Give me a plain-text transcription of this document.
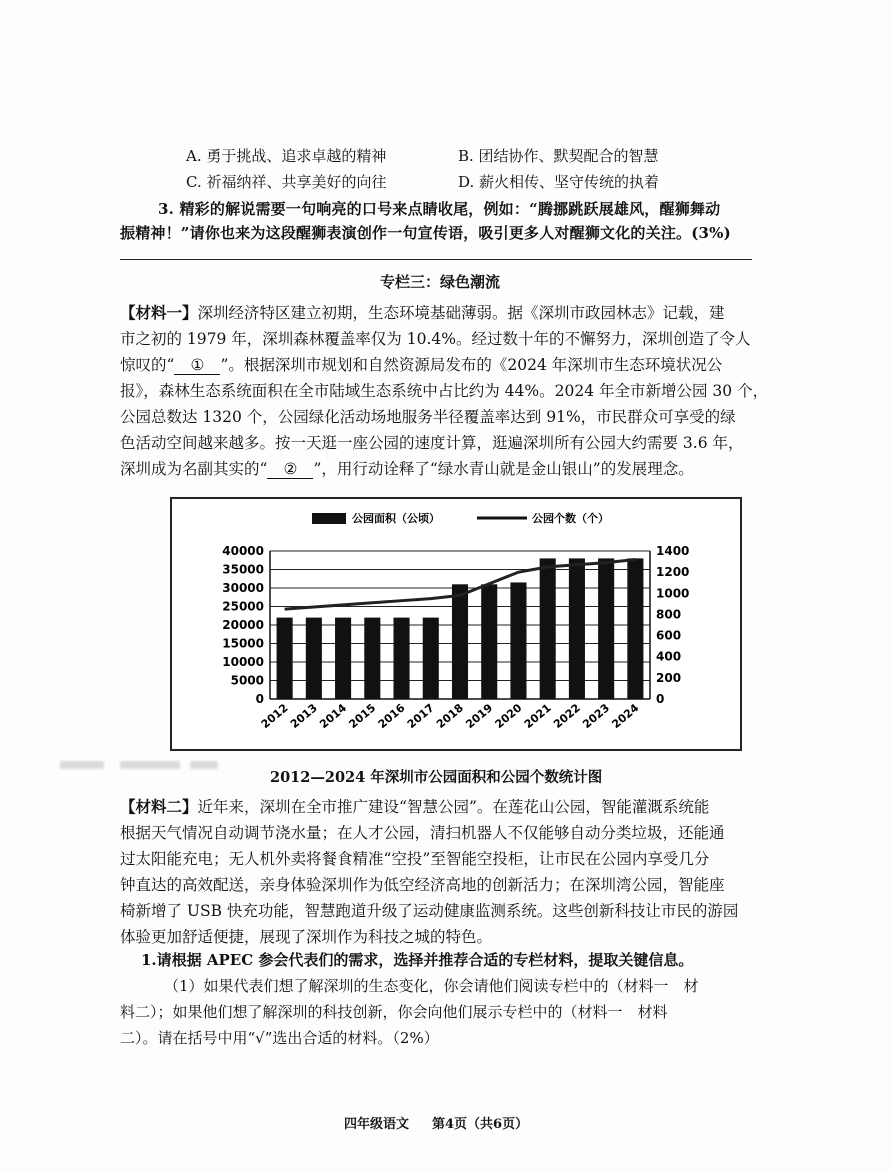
A. 勇于挑战、追求卓越的精神	B. 团结协作、默契配合的智慧
C. 祈福纳祥、共享美好的向往	D. 薪火相传、坚守传统的执着
3. 精彩的解说需要一句响亮的口号来点睛收尾，例如：“腾挪跳跃展雄风，醒狮舞动
振精神！”请你也来为这段醒狮表演创作一句宣传语，吸引更多人对醒狮文化的关注。(3%)
专栏三：绿色潮流
【材料一】深圳经济特区建立初期，生态环境基础薄弱。据《深圳市政园林志》记载，建
市之初的 1979 年，深圳森林覆盖率仅为 10.4%。经过数十年的不懈努力，深圳创造了令人
惊叹的“ ① ”。根据深圳市规划和自然资源局发布的《2024 年深圳市生态环境状况公
报》，森林生态系统面积在全市陆域生态系统中占比约为 44%。2024 年全市新增公园 30 个，
公园总数达 1320 个，公园绿化活动场地服务半径覆盖率达到 91%，市民群众可享受的绿
色活动空间越来越多。按一天逛一座公园的速度计算，逛遍深圳所有公园大约需要 3.6 年，
深圳成为名副其实的“ ② ”，用行动诠释了“绿水青山就是金山银山”的发展理念。
40000
35000
30000
25000
20000
15000
10000
5000
0
1400
1200
1000
800
600
400
200
0
2012
2013
2014
2015
2016
2017
2018
2019
2020
2021
2022
2023
2024
公园面积（公顷）	公园个数（个）
2012—2024 年深圳市公园面积和公园个数统计图
【材料二】近年来，深圳在全市推广建设“智慧公园”。在莲花山公园，智能灌溉系统能
根据天气情况自动调节浇水量；在人才公园，清扫机器人不仅能够自动分类垃圾，还能通
过太阳能充电；无人机外卖将餐食精准“空投”至智能空投柜，让市民在公园内享受几分
钟直达的高效配送，亲身体验深圳作为低空经济高地的创新活力；在深圳湾公园，智能座
椅新增了 USB 快充功能，智慧跑道升级了运动健康监测系统。这些创新科技让市民的游园
体验更加舒适便捷，展现了深圳作为科技之城的特色。
1.请根据 APEC 参会代表们的需求，选择并推荐合适的专栏材料，提取关键信息。
（1）如果代表们想了解深圳的生态变化，你会请他们阅读专栏中的（材料一　材
料二）；如果他们想了解深圳的科技创新，你会向他们展示专栏中的（材料一　材料
二）。请在括号中用“√”选出合适的材料。（2%）
四年级语文 第4页（共6页）
